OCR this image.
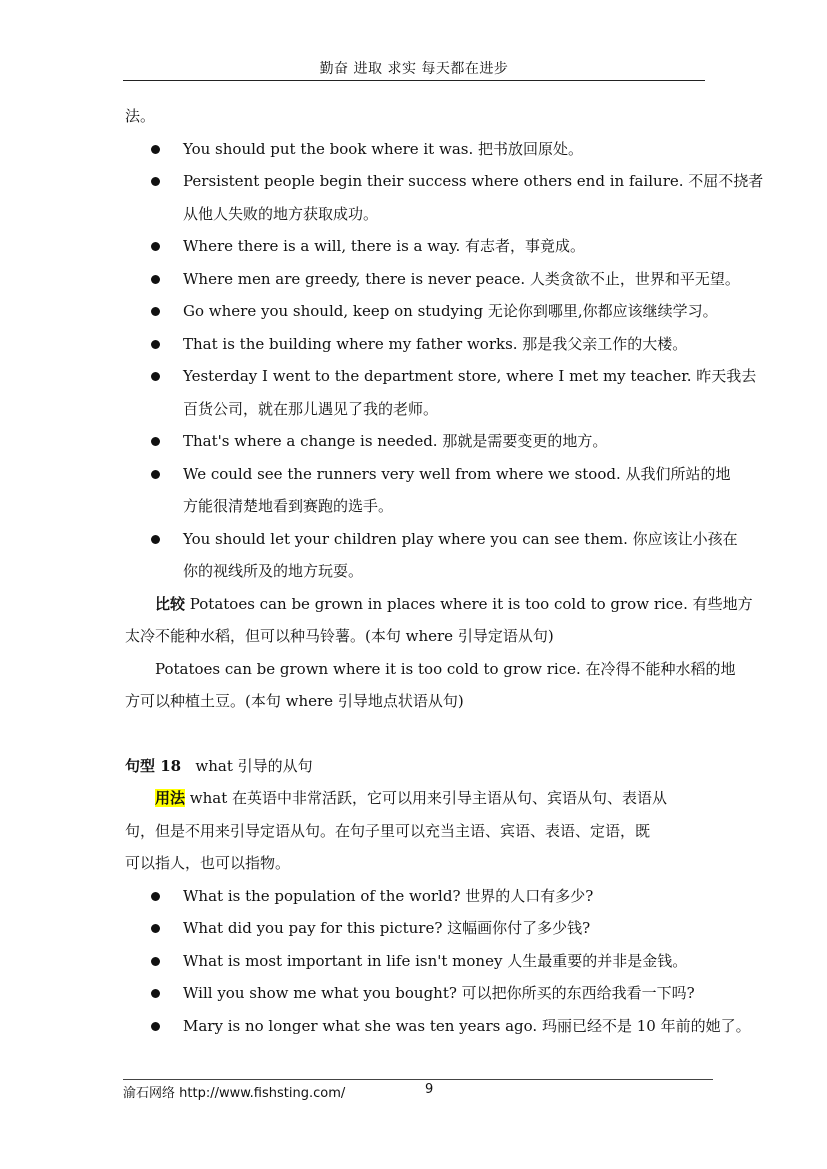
勤奋 进取 求实 每天都在进步
法。
You should put the book where it was. 把书放回原处。
Persistent people begin their success where others end in failure. 不屈不挠者
从他人失败的地方获取成功。
Where there is a will, there is a way. 有志者，事竟成。
Where men are greedy, there is never peace. 人类贪欲不止，世界和平无望。
Go where you should, keep on studying 无论你到哪里,你都应该继续学习。
That is the building where my father works. 那是我父亲工作的大楼。
Yesterday I went to the department store, where I met my teacher. 昨天我去
百货公司，就在那儿遇见了我的老师。
That's where a change is needed. 那就是需要变更的地方。
We could see the runners very well from where we stood. 从我们所站的地
方能很清楚地看到赛跑的选手。
You should let your children play where you can see them. 你应该让小孩在
你的视线所及的地方玩耍。
比较 Potatoes can be grown in places where it is too cold to grow rice. 有些地方
太冷不能种水稻，但可以种马铃薯。(本句 where 引导定语从句)
Potatoes can be grown where it is too cold to grow rice. 在冷得不能种水稻的地
方可以种植土豆。(本句 where 引导地点状语从句)
句型 18 what 引导的从句
用法 what 在英语中非常活跃，它可以用来引导主语从句、宾语从句、表语从
句，但是不用来引导定语从句。在句子里可以充当主语、宾语、表语、定语，既
可以指人，也可以指物。
What is the population of the world? 世界的人口有多少?
What did you pay for this picture? 这幅画你付了多少钱?
What is most important in life isn't money 人生最重要的并非是金钱。
Will you show me what you bought? 可以把你所买的东西给我看一下吗?
Mary is no longer what she was ten years ago. 玛丽已经不是 10 年前的她了。
渝石网络 http://www.fishsting.com/	9
